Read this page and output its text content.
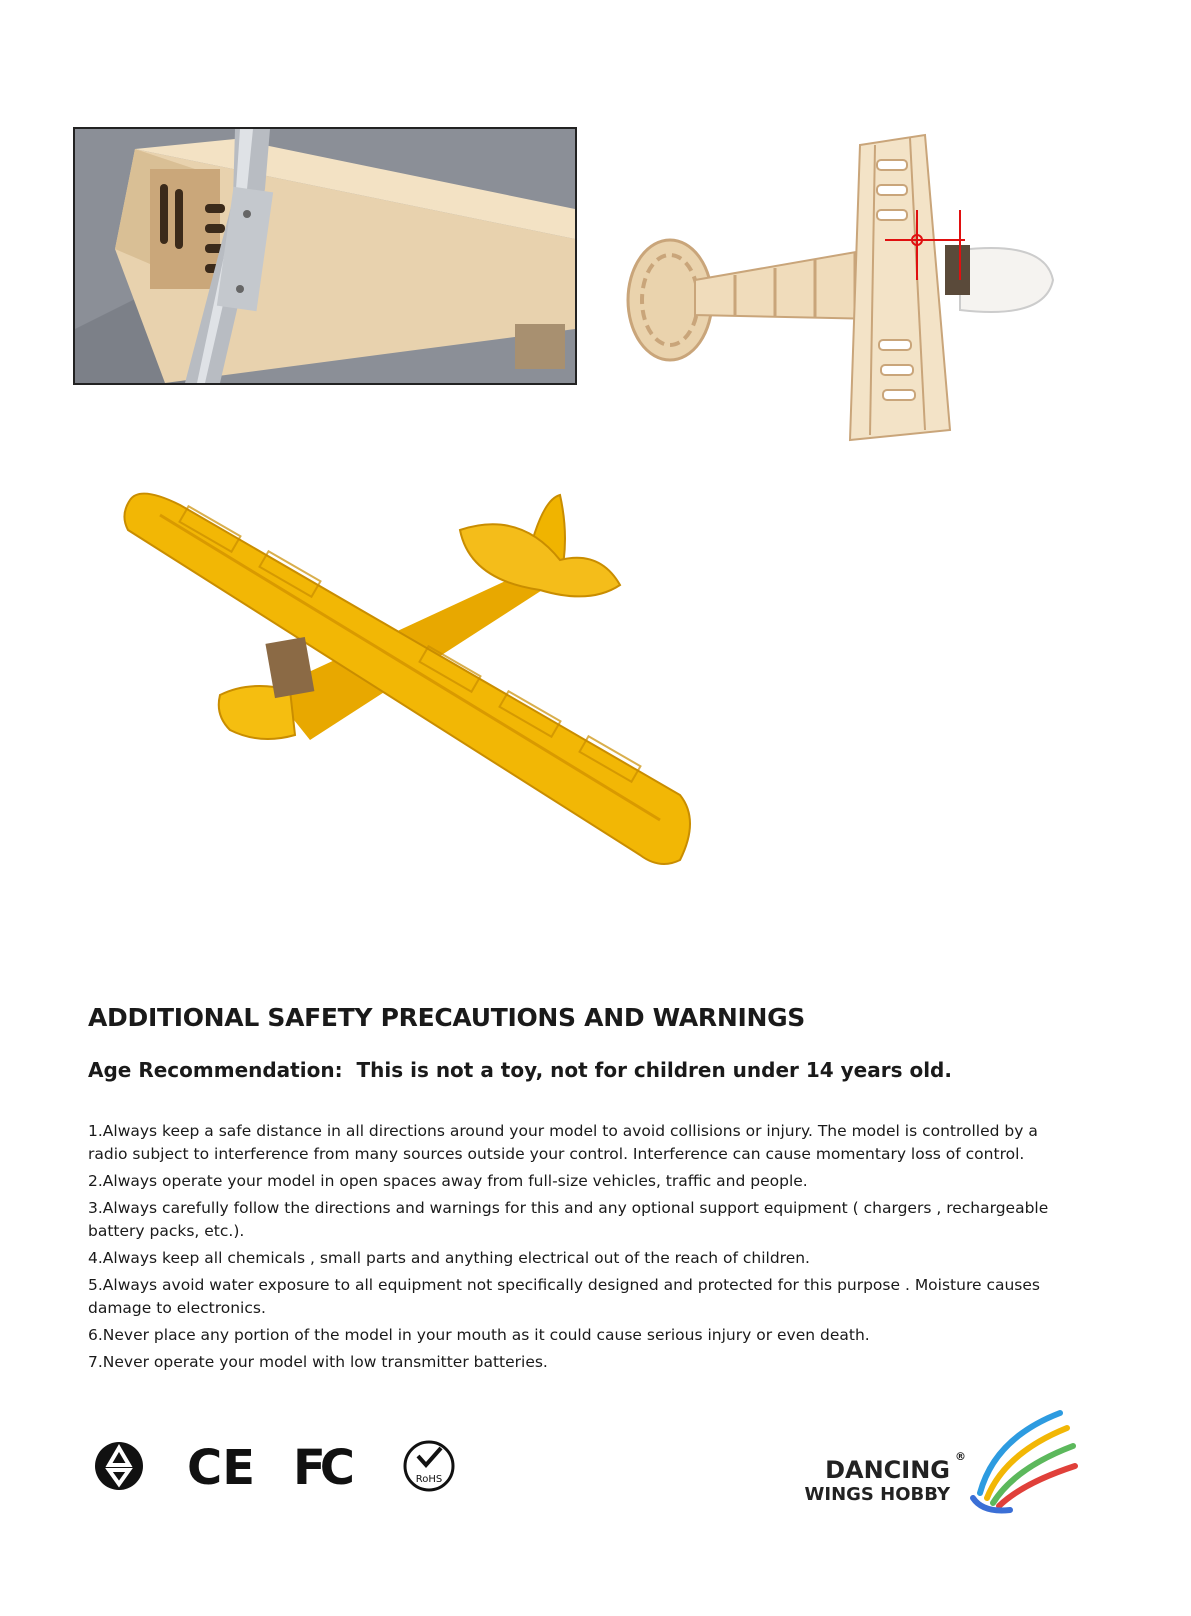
ADDITIONAL SAFETY PRECAUTIONS AND WARNINGS
Age Recommendation:  This is not a toy, not for children under 14 years old.
1.Always keep a safe distance in all directions around your model to avoid collisions or injury. The model is controlled by a radio subject to interference from many sources outside your control. Interference can cause momentary loss of control.
2.Always operate your model in open spaces away from full-size vehicles, traffic and people.
3.Always carefully follow the directions and warnings for this and any optional support equipment ( chargers , rechargeable battery packs, etc.).
4.Always keep all chemicals , small parts and anything electrical out of the reach of children.
5.Always avoid water exposure to all equipment not specifically designed and protected for this purpose . Moisture causes damage to electronics.
6.Never place any portion of the model in your mouth as it could cause serious injury or even death.
7.Never operate your model with low transmitter batteries.
CE FC	RoHS	DANCING ®
WINGS HOBBY
